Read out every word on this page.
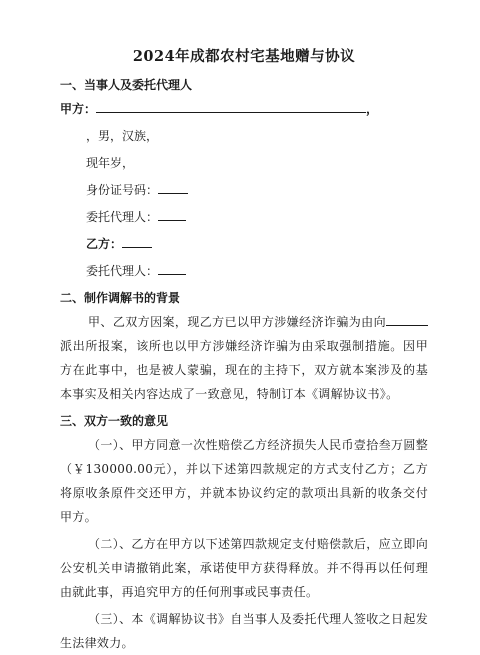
2024年成都农村宅基地赠与协议
一、当事人及委托代理人
甲方：	，
，男，汉族，
现年岁，
身份证号码：
委托代理人：
乙方：
委托代理人：
二、制作调解书的背景
甲、乙双方因案，现乙方已以甲方涉嫌经济诈骗为由向派出所报案，该所也以甲方涉嫌经济诈骗为由采取强制措施。因甲方在此事中，也是被人蒙骗，现在的主持下，双方就本案涉及的基本事实及相关内容达成了一致意见，特制订本《调解协议书》。
三、双方一致的意见
（一）、甲方同意一次性赔偿乙方经济损失人民币壹拾叁万圆整（￥130000.00元），并以下述第四款规定的方式支付乙方；乙方将原收条原件交还甲方，并就本协议约定的款项出具新的收条交付甲方。
（二）、乙方在甲方以下述第四款规定支付赔偿款后，应立即向公安机关申请撤销此案，承诺使甲方获得释放。并不得再以任何理由就此事，再追究甲方的任何刑事或民事责任。
（三）、本《调解协议书》自当事人及委托代理人签收之日起发生法律效力。
